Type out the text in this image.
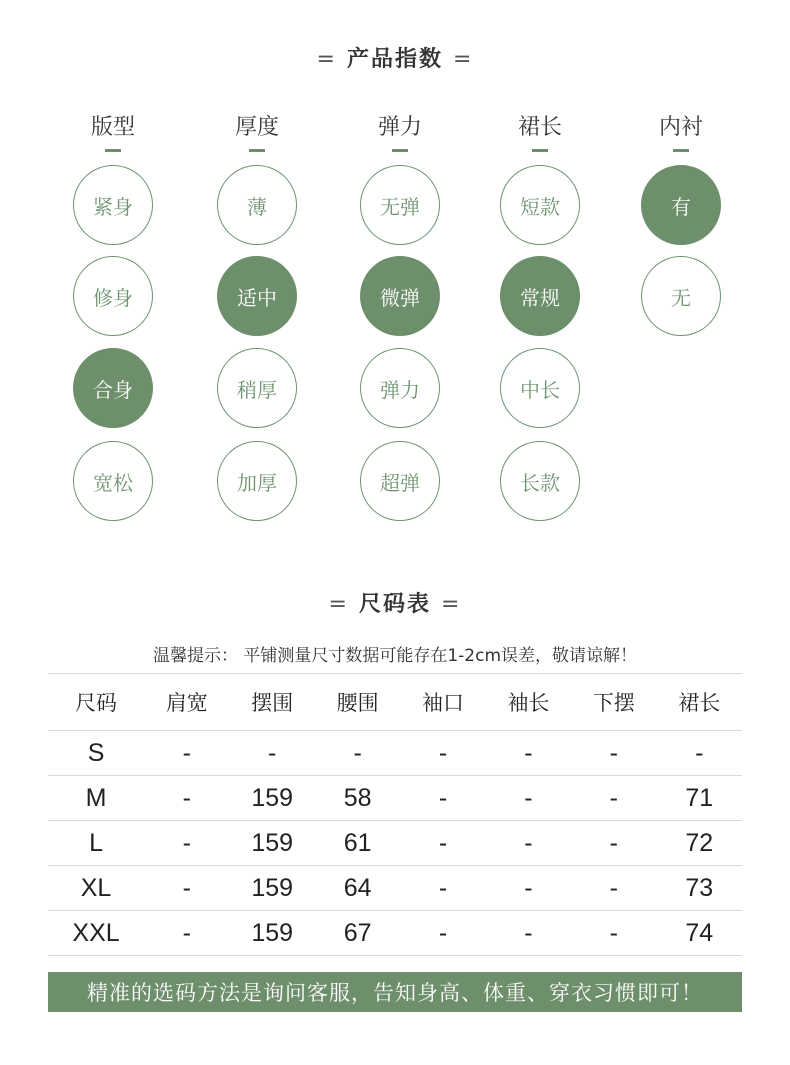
= 产品指数 =
版型
紧身
修身
合身
宽松
厚度
薄
适中
稍厚
加厚
弹力
无弹
微弹
弹力
超弹
裙长
短款
常规
中长
长款
内衬
有
无
= 尺码表 =
温馨提示： 平铺测量尺寸数据可能存在1-2cm误差，敬请谅解！
尺码	肩宽	摆围	腰围	袖口	袖长	下摆	裙长
S	-	-	-	-	-	-	-
M	-	159	58	-	-	-	71
L	-	159	61	-	-	-	72
XL	-	159	64	-	-	-	73
XXL	-	159	67	-	-	-	74
精准的选码方法是询问客服，告知身高、体重、穿衣习惯即可！
